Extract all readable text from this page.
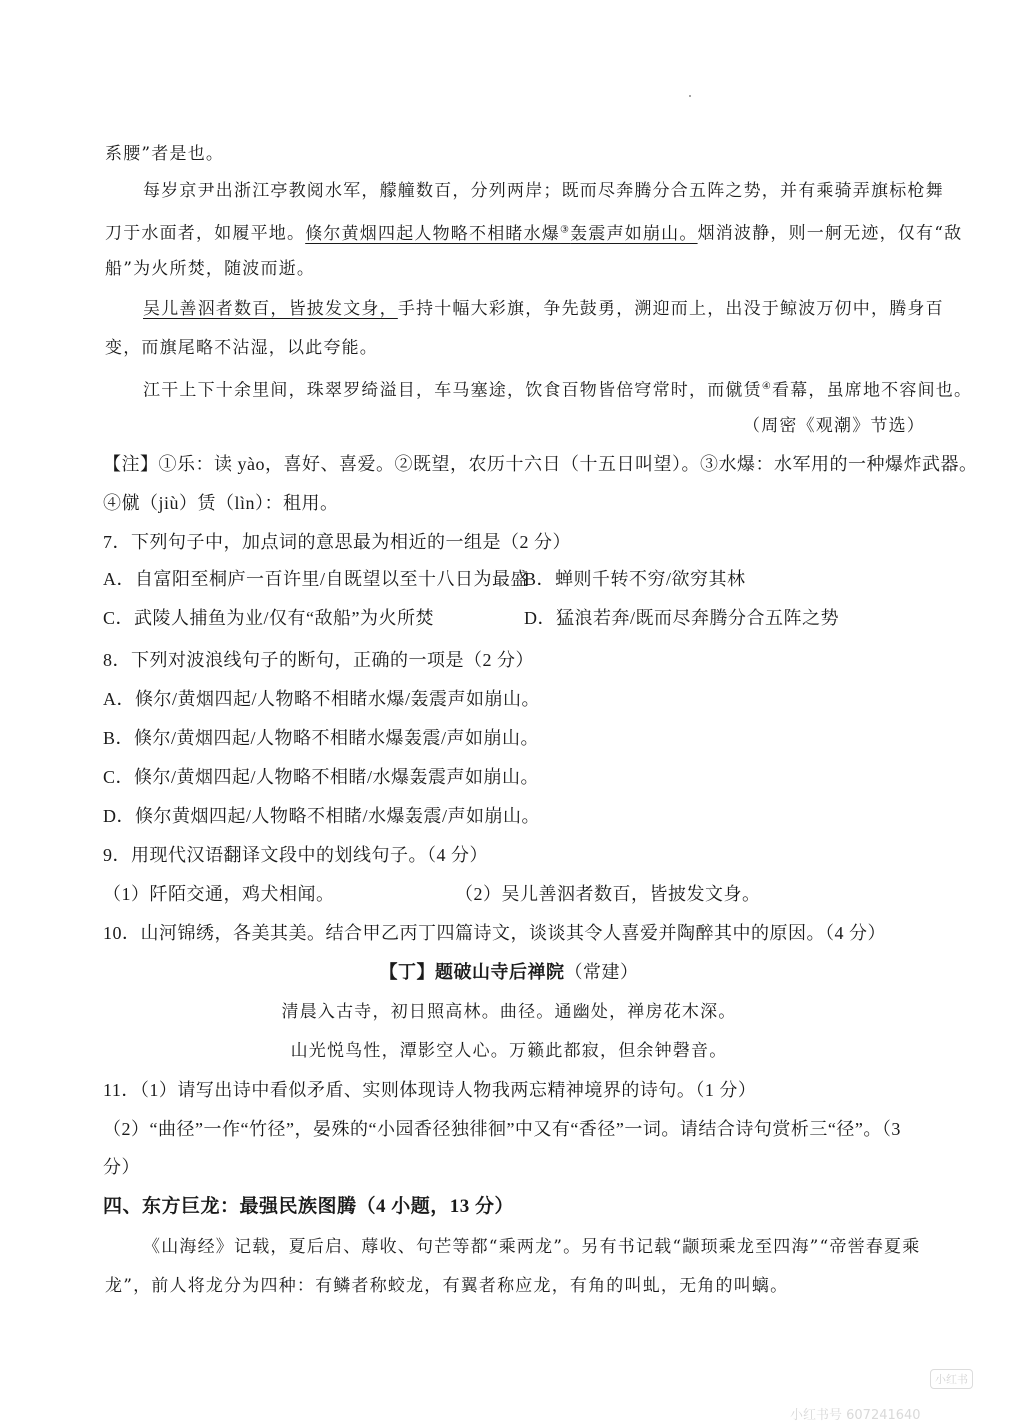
系腰”者是也。
每岁京尹出浙江亭教阅水军，艨艟数百，分列两岸；既而尽奔腾分合五阵之势，并有乘骑弄旗标枪舞
刀于水面者，如履平地。倏尔黄烟四起人物略不相睹水爆③轰震声如崩山。烟消波静，则一舸无迹，仅有“敌
船”为火所焚，随波而逝。
吴儿善泅者数百，皆披发文身，手持十幅大彩旗，争先鼓勇，溯迎而上，出没于鲸波万仞中，腾身百
变，而旗尾略不沾湿，以此夸能。
江干上下十余里间，珠翠罗绮溢目，车马塞途，饮食百物皆倍穹常时，而僦赁④看幕，虽席地不容间也。
（周密《观潮》节选）
【注】①乐：读 yào，喜好、喜爱。②既望，农历十六日（十五日叫望）。③水爆：水军用的一种爆炸武器。
④僦（jiù）赁（lìn）：租用。
7．下列句子中，加点词的意思最为相近的一组是（2 分）
A．自富阳至桐庐一百许里/自既望以至十八日为最盛
B．蝉则千转不穷/欲穷其林
C．武陵人捕鱼为业/仅有“敌船”为火所焚	D．猛浪若奔/既而尽奔腾分合五阵之势
8．下列对波浪线句子的断句，正确的一项是（2 分）
A．倏尔/黄烟四起/人物略不相睹水爆/轰震声如崩山。
B．倏尔/黄烟四起/人物略不相睹水爆轰震/声如崩山。
C．倏尔/黄烟四起/人物略不相睹/水爆轰震声如崩山。
D．倏尔黄烟四起/人物略不相睹/水爆轰震/声如崩山。
9．用现代汉语翻译文段中的划线句子。（4 分）
（1）阡陌交通，鸡犬相闻。	（2）吴儿善泅者数百，皆披发文身。
10．山河锦绣，各美其美。结合甲乙丙丁四篇诗文，谈谈其令人喜爱并陶醉其中的原因。（4 分）
【丁】题破山寺后禅院（常建）
清晨入古寺，初日照高林。曲径。通幽处，禅房花木深。
山光悦鸟性，潭影空人心。万籁此都寂，但余钟磬音。
11．（1）请写出诗中看似矛盾、实则体现诗人物我两忘精神境界的诗句。（1 分）
（2）“曲径”一作“竹径”，晏殊的“小园香径独徘徊”中又有“香径”一词。请结合诗句赏析三“径”。（3
分）
四、东方巨龙：最强民族图腾（4 小题，13 分）
《山海经》记载，夏后启、蓐收、句芒等都“乘两龙”。另有书记载“颛顼乘龙至四海”“帝喾春夏乘
龙”，前人将龙分为四种：有鳞者称蛟龙，有翼者称应龙，有角的叫虬，无角的叫螭。
小红书
小红书号 607241640
